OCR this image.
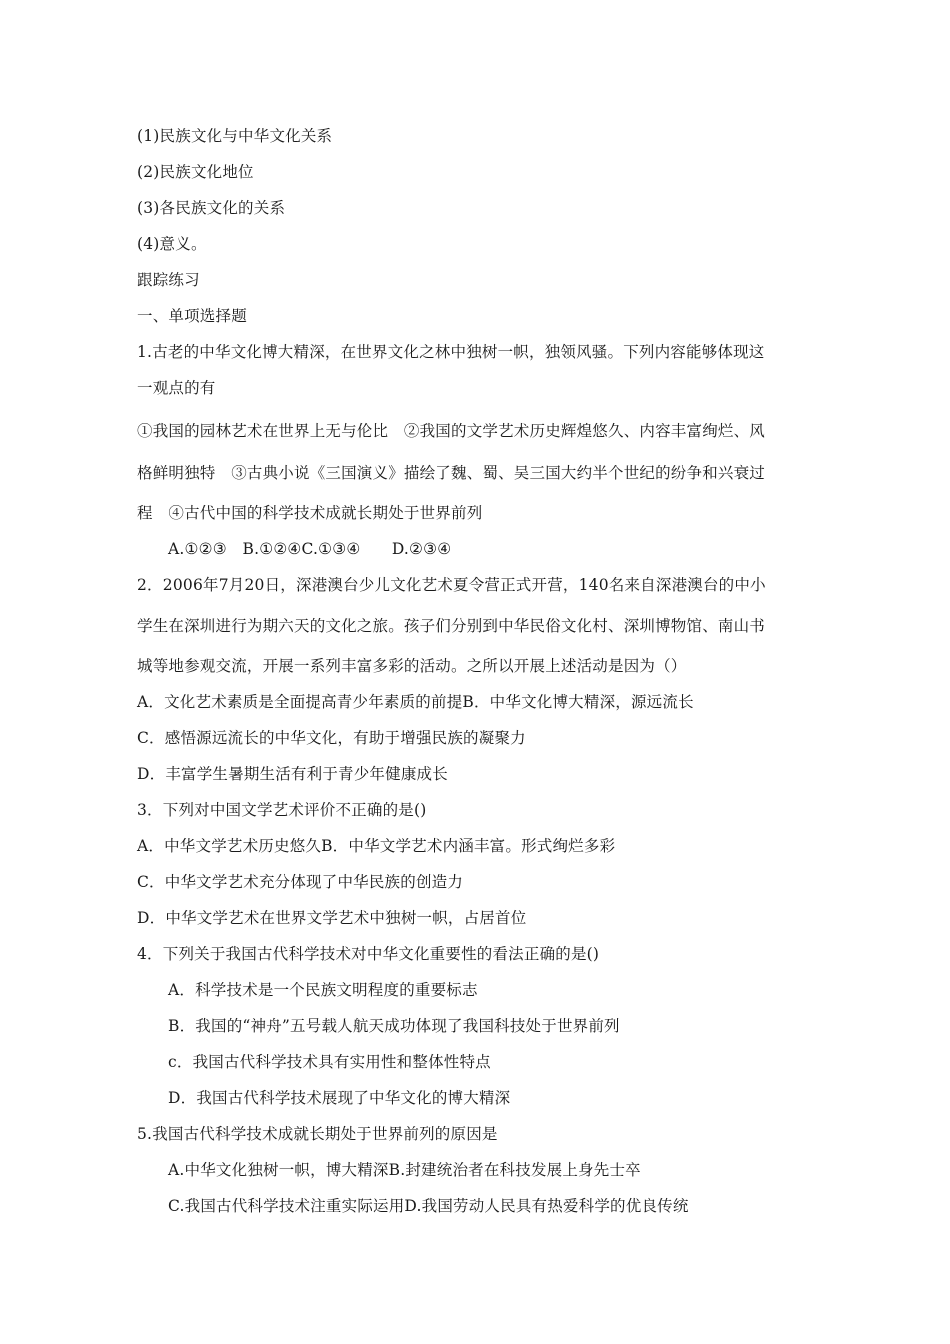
(1)民族文化与中华文化关系
(2)民族文化地位
(3)各民族文化的关系
(4)意义。
跟踪练习
一、单项选择题
1.古老的中华文化博大精深，在世界文化之林中独树一帜，独领风骚。下列内容能够体现这
一观点的有
①我国的园林艺术在世界上无与伦比　②我国的文学艺术历史辉煌悠久、内容丰富绚烂、风
格鲜明独特　③古典小说《三国演义》描绘了魏、蜀、吴三国大约半个世纪的纷争和兴衰过
程　④古代中国的科学技术成就长期处于世界前列
A.①②③　B.①②④C.①③④　　D.②③④
2．2006年7月20日，深港澳台少儿文化艺术夏令营正式开营，140名来自深港澳台的中小
学生在深圳进行为期六天的文化之旅。孩子们分别到中华民俗文化村、深圳博物馆、南山书
城等地参观交流，开展一系列丰富多彩的活动。之所以开展上述活动是因为（）
A．文化艺术素质是全面提高青少年素质的前提B．中华文化博大精深，源远流长
C．感悟源远流长的中华文化，有助于增强民族的凝聚力
D．丰富学生暑期生活有利于青少年健康成长
3．下列对中国文学艺术评价不正确的是()
A．中华文学艺术历史悠久B．中华文学艺术内涵丰富。形式绚烂多彩
C．中华文学艺术充分体现了中华民族的创造力
D．中华文学艺术在世界文学艺术中独树一帜，占居首位
4．下列关于我国古代科学技术对中华文化重要性的看法正确的是()
A．科学技术是一个民族文明程度的重要标志
B．我国的“神舟”五号载人航天成功体现了我国科技处于世界前列
c．我国古代科学技术具有实用性和整体性特点
D．我国古代科学技术展现了中华文化的博大精深
5.我国古代科学技术成就长期处于世界前列的原因是
A.中华文化独树一帜，博大精深B.封建统治者在科技发展上身先士卒
C.我国古代科学技术注重实际运用D.我国劳动人民具有热爱科学的优良传统
